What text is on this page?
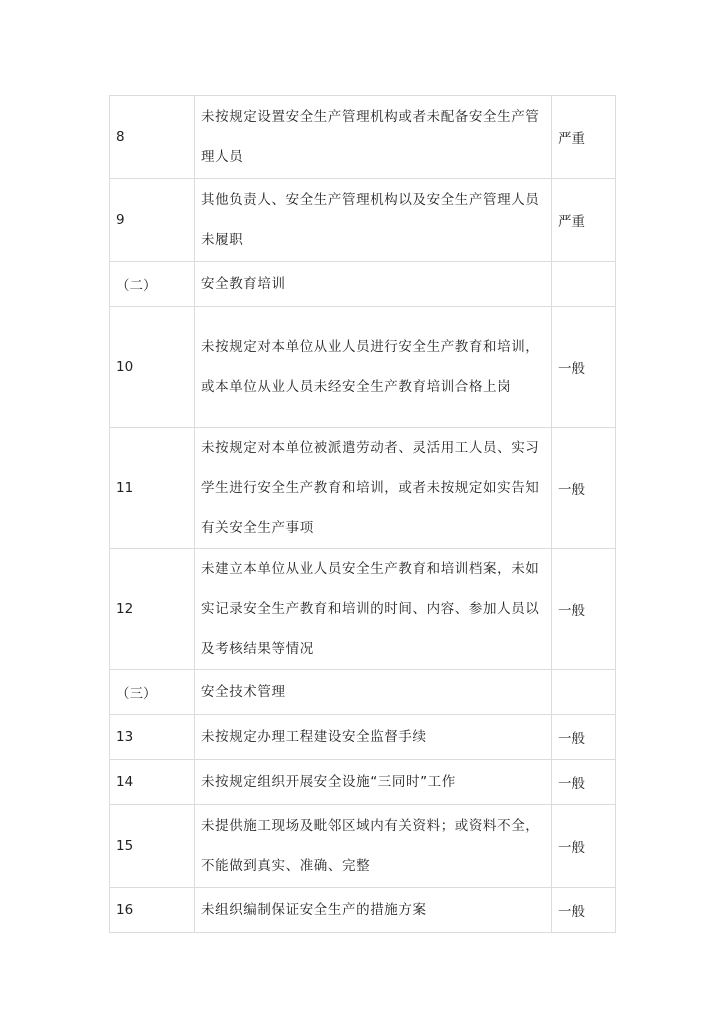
8	未按规定设置安全生产管理机构或者未配备安全生产管理人员	严重
9	其他负责人、安全生产管理机构以及安全生产管理人员未履职	严重
（二）	安全教育培训	
10	未按规定对本单位从业人员进行安全生产教育和培训，或本单位从业人员未经安全生产教育培训合格上岗	一般
11	未按规定对本单位被派遣劳动者、灵活用工人员、实习学生进行安全生产教育和培训，或者未按规定如实告知有关安全生产事项	一般
12	未建立本单位从业人员安全生产教育和培训档案，未如实记录安全生产教育和培训的时间、内容、参加人员以及考核结果等情况	一般
（三）	安全技术管理	
13	未按规定办理工程建设安全监督手续	一般
14	未按规定组织开展安全设施“三同时”工作	一般
15	未提供施工现场及毗邻区域内有关资料；或资料不全，不能做到真实、准确、完整	一般
16	未组织编制保证安全生产的措施方案	一般
